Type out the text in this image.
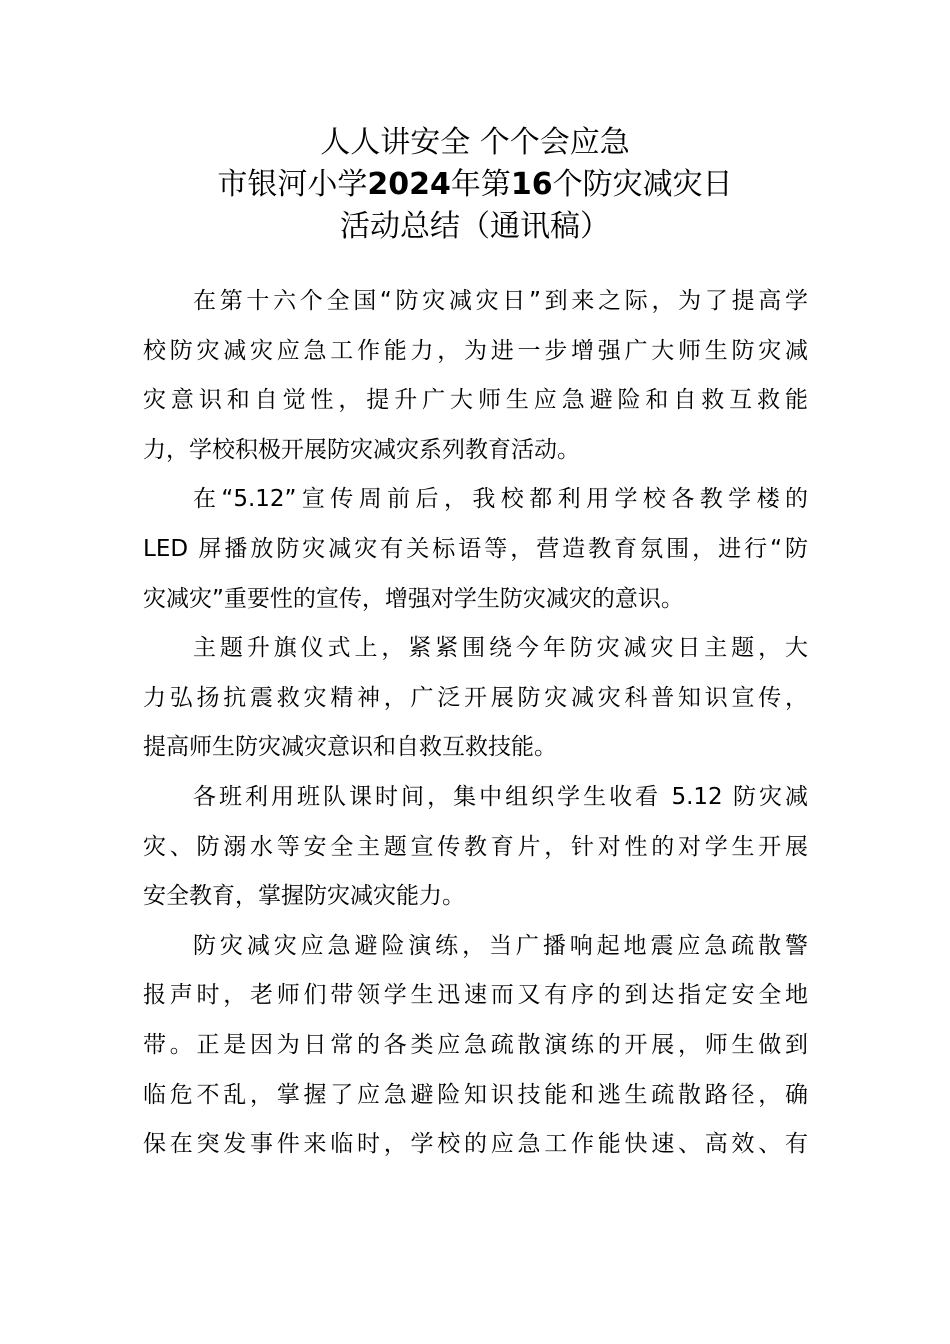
人人讲安全 个个会应急
市银河小学2024年第16个防灾减灾日
活动总结（通讯稿）
在第十六个全国“防灾减灾日”到来之际，为了提高学
校防灾减灾应急工作能力，为进一步增强广大师生防灾减
灾意识和自觉性，提升广大师生应急避险和自救互救能
力，学校积极开展防灾减灾系列教育活动。
在“5.12”宣传周前后，我校都利用学校各教学楼的
LED 屏播放防灾减灾有关标语等，营造教育氛围，进行“防
灾减灾”重要性的宣传，增强对学生防灾减灾的意识。
主题升旗仪式上，紧紧围绕今年防灾减灾日主题，大
力弘扬抗震救灾精神，广泛开展防灾减灾科普知识宣传，
提高师生防灾减灾意识和自救互救技能。
各班利用班队课时间，集中组织学生收看 5.12 防灾减
灾、防溺水等安全主题宣传教育片，针对性的对学生开展
安全教育，掌握防灾减灾能力。
防灾减灾应急避险演练，当广播响起地震应急疏散警
报声时，老师们带领学生迅速而又有序的到达指定安全地
带。正是因为日常的各类应急疏散演练的开展，师生做到
临危不乱，掌握了应急避险知识技能和逃生疏散路径，确
保在突发事件来临时，学校的应急工作能快速、高效、有
